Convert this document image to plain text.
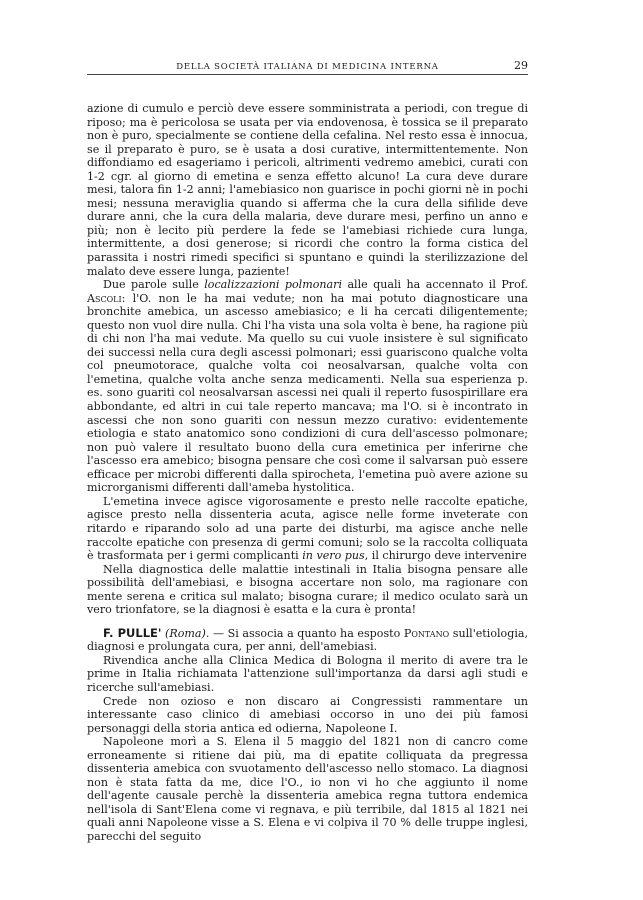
DELLA SOCIETÀ ITALIANA DI MEDICINA INTERNA	29

azione di cumulo e perciò deve essere somministrata a periodi, con tregue di riposo; ma è pericolosa se usata per via endovenosa, è tossica se il preparato non è puro, specialmente se contiene della cefalina. Nel resto essa è innocua, se il preparato è puro, se è usata a dosi curative, intermittentemente. Non diffondiamo ed esageriamo i pericoli, altrimenti vedremo amebici, curati con 1-2 cgr. al giorno di emetina e senza effetto alcuno! La cura deve durare mesi, talora fin 1-2 anni; l'amebiasico non guarisce in pochi giorni nè in pochi mesi; nessuna meraviglia quando si afferma che la cura della sifilide deve durare anni, che la cura della malaria, deve durare mesi, perfino un anno e più; non è lecito più perdere la fede se l'amebiasi richiede cura lunga, intermittente, a dosi generose; si ricordi che contro la forma cistica del parassita i nostri rimedi specifici si spuntano e quindi la sterilizzazione del malato deve essere lunga, paziente!

Due parole sulle localizzazioni polmonari alle quali ha accennato il Prof. Ascoli: l'O. non le ha mai vedute; non ha mai potuto diagnosticare una bronchite amebica, un ascesso amebiasico; e li ha cercati diligentemente; questo non vuol dire nulla. Chi l'ha vista una sola volta è bene, ha ragione più di chi non l'ha mai vedute. Ma quello su cui vuole insistere è sul significato dei successi nella cura degli ascessi polmonari; essi guariscono qualche volta col pneumotorace, qualche volta coi neosalvarsan, qualche volta con l'emetina, qualche volta anche senza medicamenti. Nella sua esperienza p. es. sono guariti col neosalvarsan ascessi nei quali il reperto fusospirillare era abbondante, ed altri in cui tale reperto mancava; ma l'O. si è incontrato in ascessi che non sono guariti con nessun mezzo curativo: evidentemente etiologia e stato anatomico sono condizioni di cura dell'ascesso polmonare; non può valere il resultato buono della cura emetinica per inferirne che l'ascesso era amebico; bisogna pensare che così come il salvarsan può essere efficace per microbi differenti dalla spirocheta, l'emetina può avere azione su microrganismi differenti dall'ameba hystolitica.

L'emetina invece agisce vigorosamente e presto nelle raccolte epatiche, agisce presto nella dissenteria acuta, agisce nelle forme inveterate con ritardo e riparando solo ad una parte dei disturbi, ma agisce anche nelle raccolte epatiche con presenza di germi comuni; solo se la raccolta colliquata è trasformata per i germi complicanti in vero pus, il chirurgo deve intervenire

Nella diagnostica delle malattie intestinali in Italia bisogna pensare alle possibilità dell'amebiasi, e bisogna accertare non solo, ma ragionare con mente serena e critica sul malato; bisogna curare; il medico oculato sarà un vero trionfatore, se la diagnosi è esatta e la cura è pronta!

F. PULLE' (Roma). — Si associa a quanto ha esposto Pontano sull'etiologia, diagnosi e prolungata cura, per anni, dell'amebiasi.

Rivendica anche alla Clinica Medica di Bologna il merito di avere tra le prime in Italia richiamata l'attenzione sull'importanza da darsi agli studi e ricerche sull'amebiasi.

Crede non ozioso e non discaro ai Congressisti rammentare un interessante caso clinico di amebiasi occorso in uno dei più famosi personaggi della storia antica ed odierna, Napoleone I.

Napoleone morì a S. Elena il 5 maggio del 1821 non di cancro come erroneamente si ritiene dai più, ma di epatite colliquata da pregressa dissenteria amebica con svuotamento dell'ascesso nello stomaco. La diagnosi non è stata fatta da me, dice l'O., io non vi ho che aggiunto il nome dell'agente causale perchè la dissenteria amebica regna tuttora endemica nell'isola di Sant'Elena come vi regnava, e più terribile, dal 1815 al 1821 nei quali anni Napoleone visse a S. Elena e vi colpiva il 70 % delle truppe inglesi, parecchi del seguito
